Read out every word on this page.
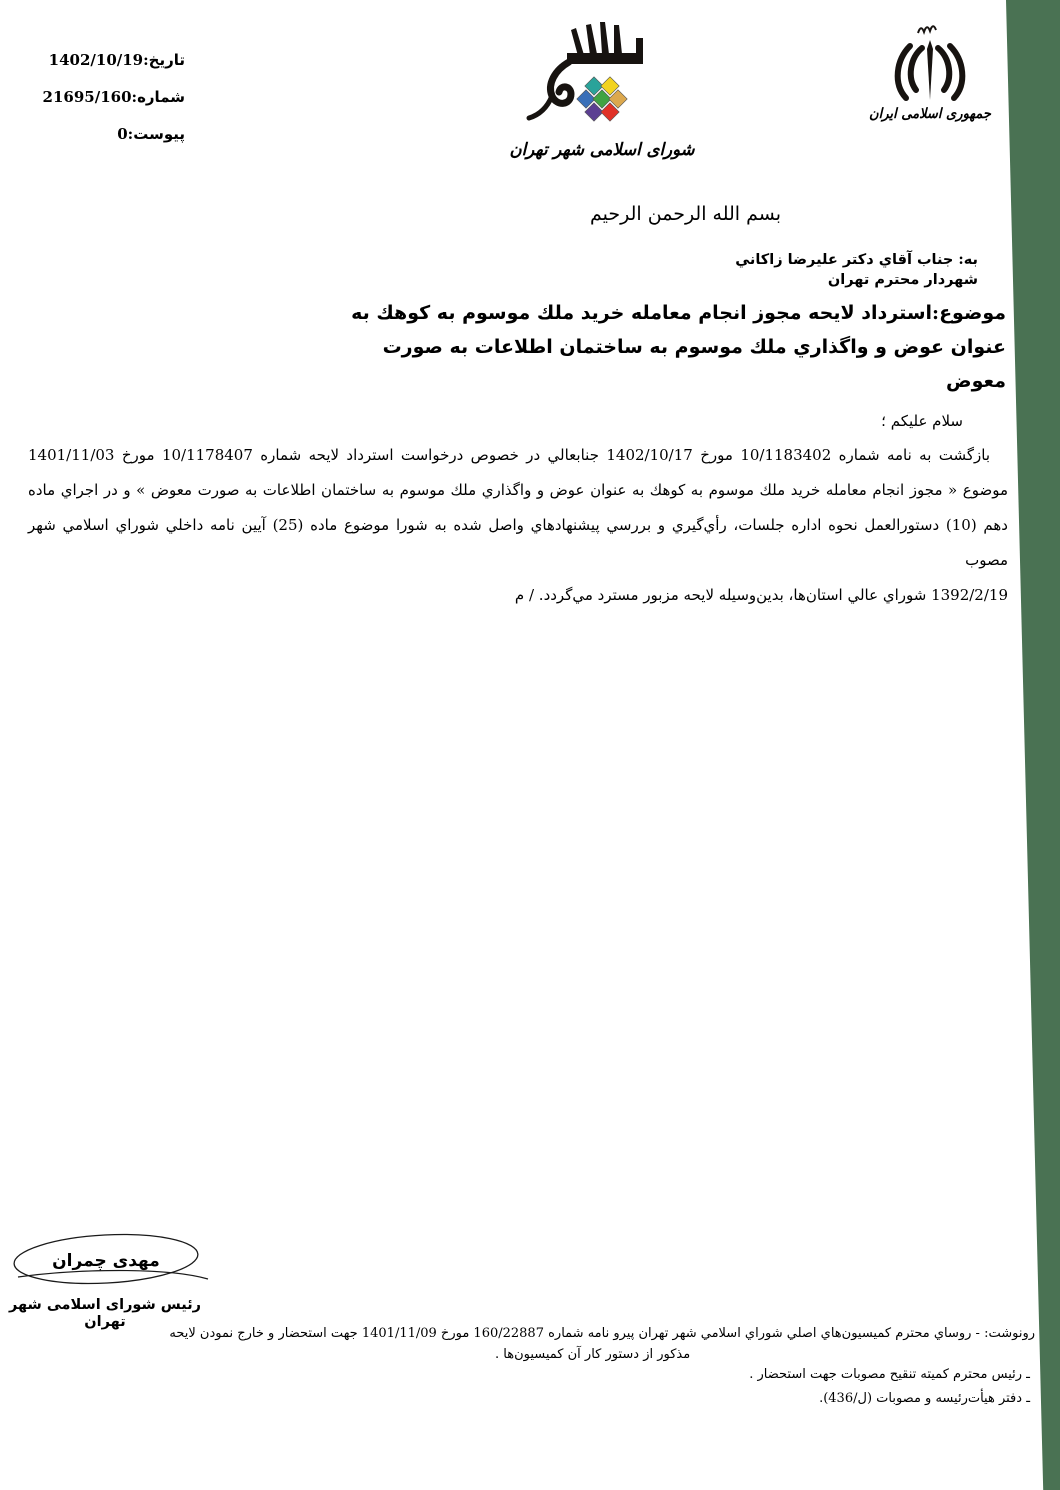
تاریخ:1402/10/19
شماره:21695/160
پیوست:0
شورای اسلامی شهر تهران
جمهوری اسلامی ایران
بسم الله الرحمن الرحيم
به: جناب آقاي دكتر عليرضا زاكاني
شهردار محترم تهران
موضوع:استرداد لايحه مجوز انجام معامله خريد ملك موسوم به كوهك به
عنوان عوض و واگذاري ملك موسوم به ساختمان اطلاعات به صورت
معوض
سلام عليكم ؛
بازگشت به نامه شماره 10/1183402 مورخ 1402/10/17 جنابعالي در خصوص درخواست استرداد لايحه شماره 10/1178407 مورخ 1401/11/03
موضوع « مجوز انجام معامله خريد ملك موسوم به كوهك به عنوان عوض و واگذاري ملك موسوم به ساختمان اطلاعات به صورت معوض » و در اجراي ماده
دهم (10) دستورالعمل نحوه اداره جلسات، رأي‌گيري و بررسي پيشنهادهاي واصل شده به شورا موضوع ماده (25) آيين نامه داخلي شوراي اسلامي شهر مصوب
1392/2/19 شوراي عالي استان‌ها، بدين‌وسيله لايحه مزبور مسترد مي‌گردد. / م
مهدی چمران
رئیس شورای اسلامی شهر تهران
رونوشت: - روساي محترم كميسيون‌هاي اصلي شوراي اسلامي شهر تهران پيرو نامه شماره 160/22887 مورخ 1401/11/09 جهت استحضار و خارج نمودن لايحه
مذكور از دستور كار آن كميسيون‌ها .
ـ رئيس محترم كميته تنقيح مصوبات جهت استحضار .
ـ دفتر هيأت‌رئيسه و مصوبات (43ل/6).
